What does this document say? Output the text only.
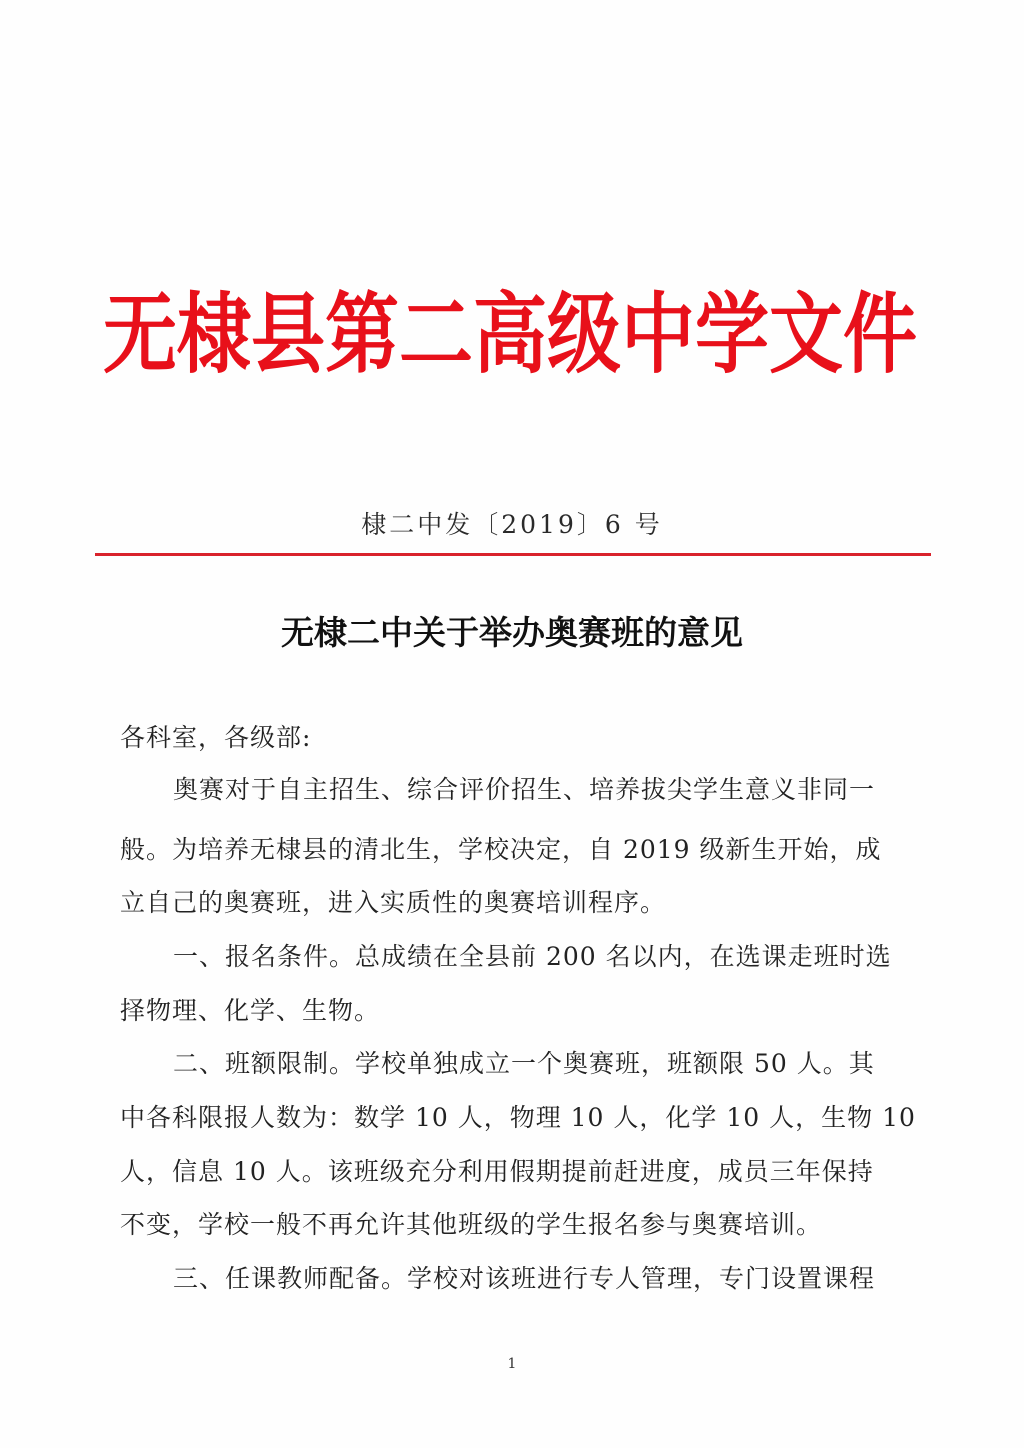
无棣县第二高级中学文件
棣二中发〔2019〕6 号
无棣二中关于举办奥赛班的意见
各科室，各级部:
奥赛对于自主招生、综合评价招生、培养拔尖学生意义非同一
般。为培养无棣县的清北生，学校决定，自 2019 级新生开始，成
立自己的奥赛班，进入实质性的奥赛培训程序。
一、报名条件。总成绩在全县前 200 名以内，在选课走班时选
择物理、化学、生物。
二、班额限制。学校单独成立一个奥赛班，班额限 50 人。其
中各科限报人数为：数学 10 人，物理 10 人，化学 10 人，生物 10
人，信息 10 人。该班级充分利用假期提前赶进度，成员三年保持
不变，学校一般不再允许其他班级的学生报名参与奥赛培训。
三、任课教师配备。学校对该班进行专人管理，专门设置课程
1
